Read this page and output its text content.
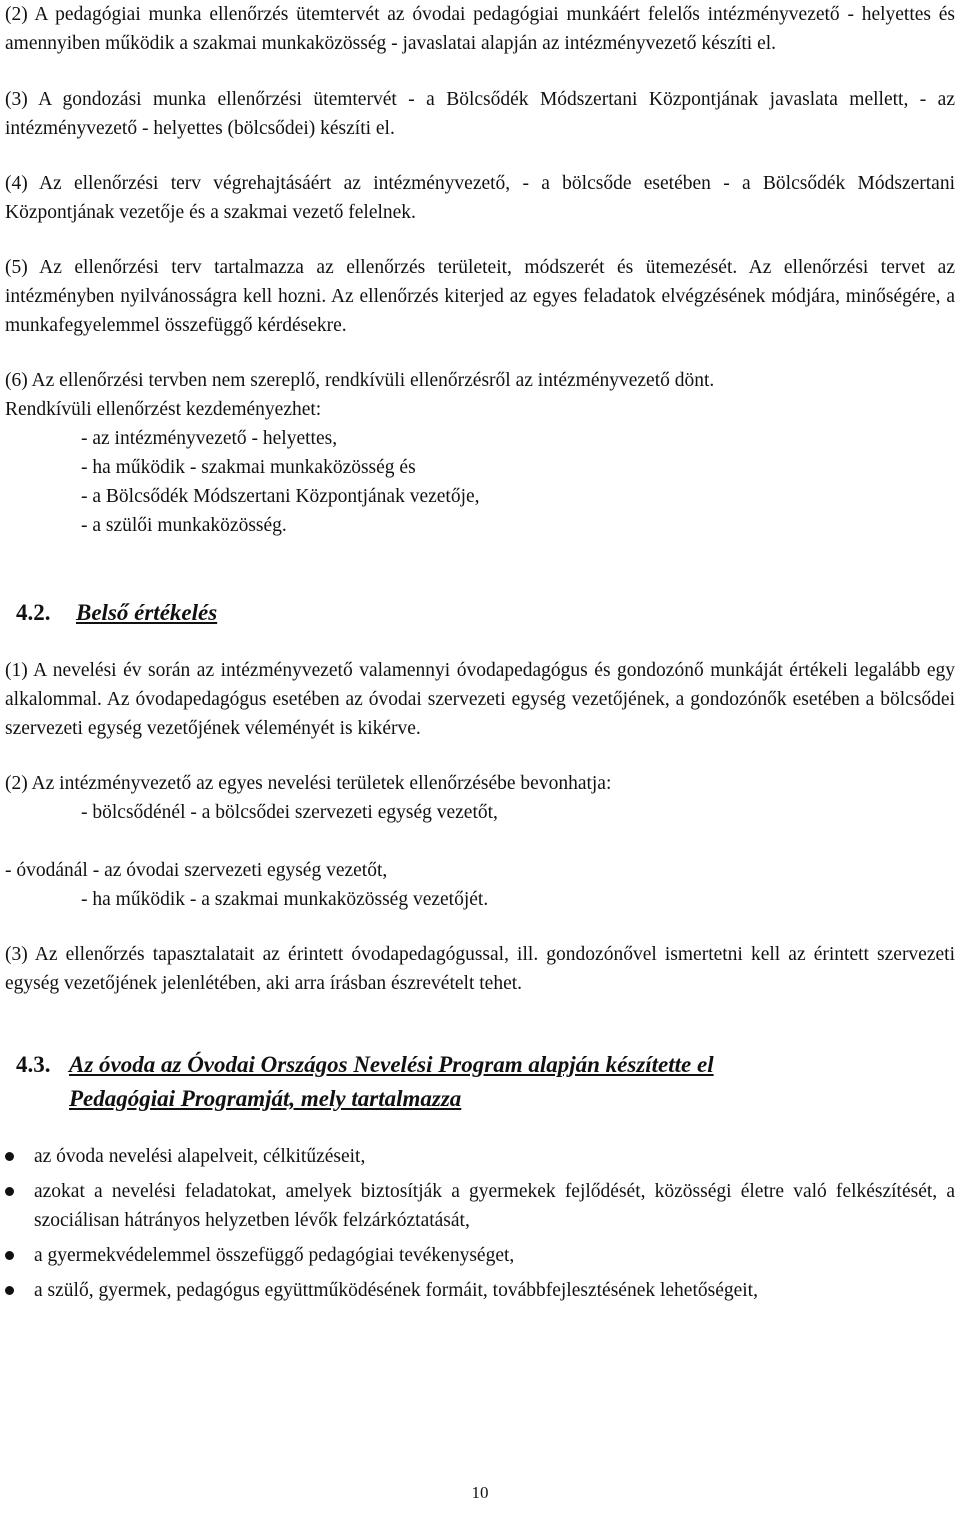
(2) A pedagógiai munka ellenőrzés ütemtervét az óvodai pedagógiai munkáért felelős intézményvezető - helyettes és amennyiben működik a szakmai munkaközösség - javaslatai alapján az intézményvezető készíti el.

(3) A gondozási munka ellenőrzési ütemtervét - a Bölcsődék Módszertani Központjának javaslata mellett, - az intézményvezető - helyettes (bölcsődei) készíti el.

(4) Az ellenőrzési terv végrehajtásáért az intézményvezető, - a bölcsőde esetében - a Bölcsődék Módszertani Központjának vezetője és a szakmai vezető felelnek.

(5) Az ellenőrzési terv tartalmazza az ellenőrzés területeit, módszerét és ütemezését. Az ellenőrzési tervet az intézményben nyilvánosságra kell hozni. Az ellenőrzés kiterjed az egyes feladatok elvégzésének módjára, minőségére, a munkafegyelemmel összefüggő kérdésekre.

(6) Az ellenőrzési tervben nem szereplő, rendkívüli ellenőrzésről az intézményvezető dönt.

Rendkívüli ellenőrzést kezdeményezhet:

- az intézményvezető - helyettes,

- ha működik - szakmai munkaközösség és

- a Bölcsődék Módszertani Központjának vezetője,

- a szülői munkaközösség.

4.2. Belső értékelés

(1) A nevelési év során az intézményvezető valamennyi óvodapedagógus és gondozónő munkáját értékeli legalább egy alkalommal. Az óvodapedagógus esetében az óvodai szervezeti egység vezetőjének, a gondozónők esetében a bölcsődei szervezeti egység vezetőjének véleményét is kikérve.

(2) Az intézményvezető az egyes nevelési területek ellenőrzésébe bevonhatja:

- bölcsődénél - a bölcsődei szervezeti egység vezetőt,

- óvodánál - az óvodai szervezeti egység vezetőt,

- ha működik - a szakmai munkaközösség vezetőjét.

(3) Az ellenőrzés tapasztalatait az érintett óvodapedagógussal, ill. gondozónővel ismertetni kell az érintett szervezeti egység vezetőjének jelenlétében, aki arra írásban észrevételt tehet.

4.3. Az óvoda az Óvodai Országos Nevelési Program alapján készítette el
Pedagógiai Programját, mely tartalmazza
az óvoda nevelési alapelveit, célkitűzéseit,
azokat a nevelési feladatokat, amelyek biztosítják a gyermekek fejlődését, közösségi életre való felkészítését, a szociálisan hátrányos helyzetben lévők felzárkóztatását,
a gyermekvédelemmel összefüggő pedagógiai tevékenységet,
a szülő, gyermek, pedagógus együttműködésének formáit, továbbfejlesztésének lehetőségeit,
10
